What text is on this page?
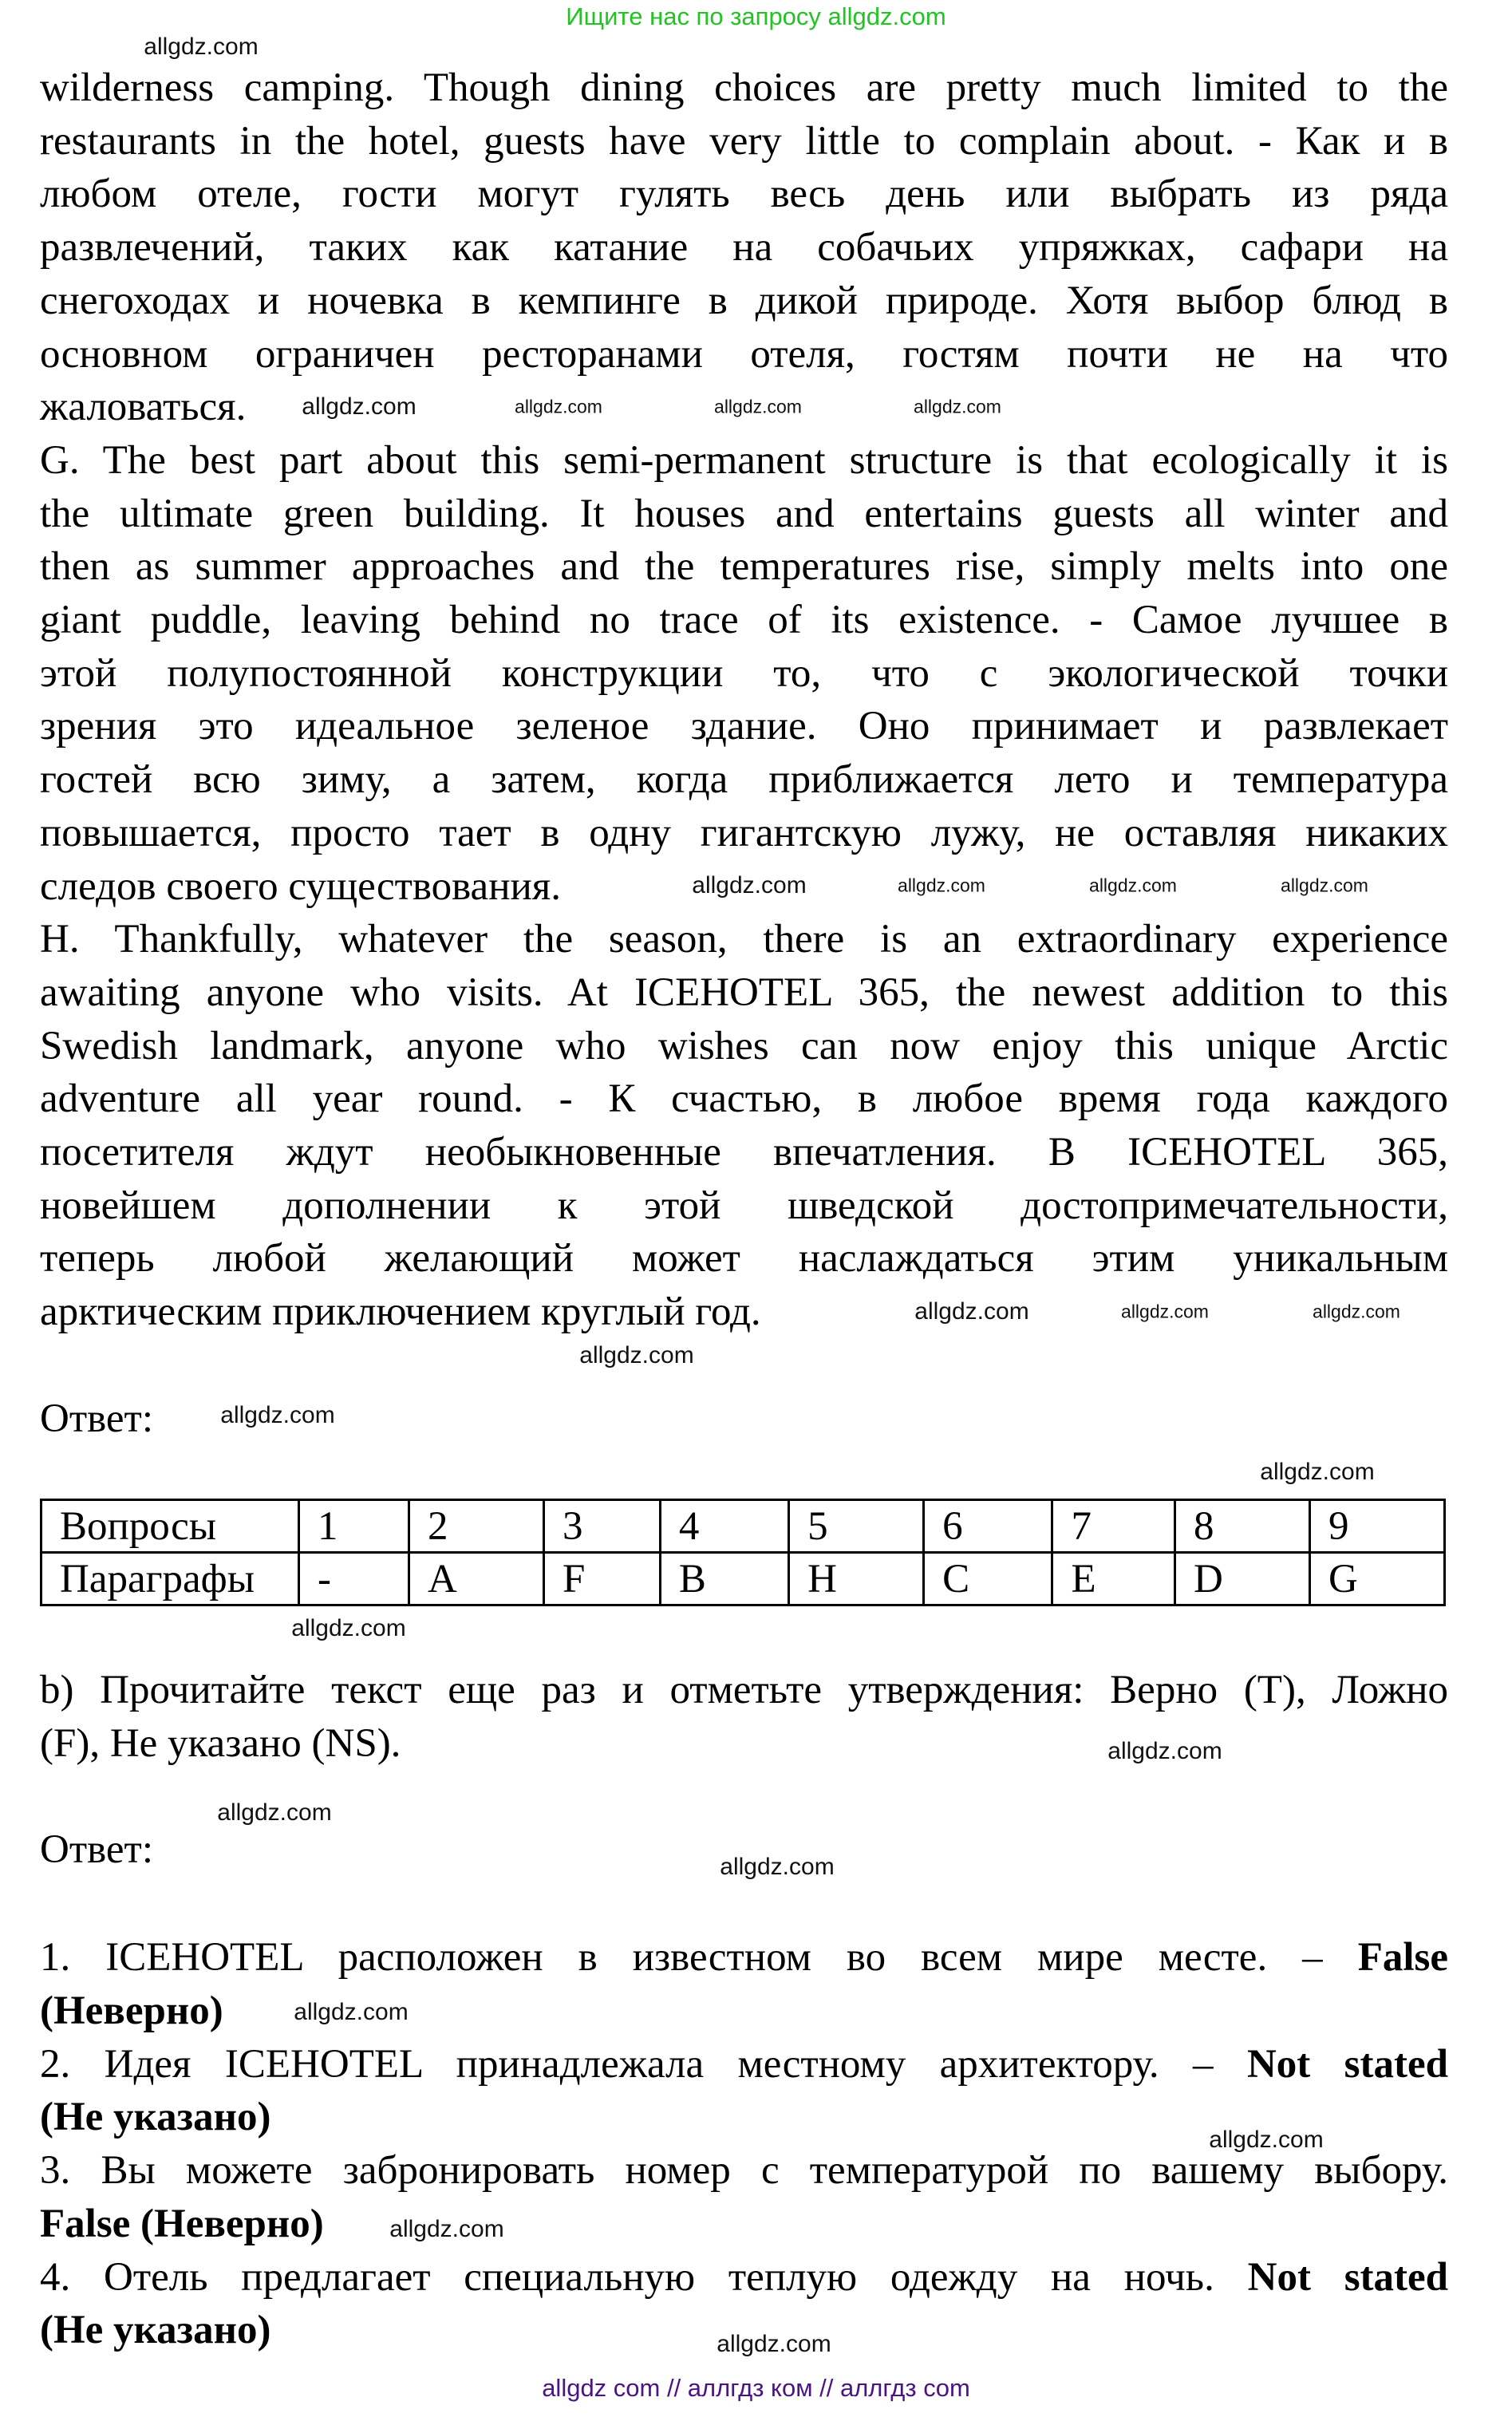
Ищите нас по запросу allgdz.com
wilderness camping. Though dining choices are pretty much limited to the
restaurants in the hotel, guests have very little to complain about. - Как и в
любом отеле, гости могут гулять весь день или выбрать из ряда
развлечений, таких как катание на собачьих упряжках, сафари на
снегоходах и ночевка в кемпинге в дикой природе. Хотя выбор блюд в
основном ограничен ресторанами отеля, гостям почти не на что
жаловаться.
G. The best part about this semi-permanent structure is that ecologically it is
the ultimate green building. It houses and entertains guests all winter and
then as summer approaches and the temperatures rise, simply melts into one
giant puddle, leaving behind no trace of its existence. - Самое лучшее в
этой полупостоянной конструкции то, что с экологической точки
зрения это идеальное зеленое здание. Оно принимает и развлекает
гостей всю зиму, а затем, когда приближается лето и температура
повышается, просто тает в одну гигантскую лужу, не оставляя никаких
следов своего существования.
H. Thankfully, whatever the season, there is an extraordinary experience
awaiting anyone who visits. At ICEHOTEL 365, the newest addition to this
Swedish landmark, anyone who wishes can now enjoy this unique Arctic
adventure all year round. - К счастью, в любое время года каждого
посетителя ждут необыкновенные впечатления. В ICEHOTEL 365,
новейшем дополнении к этой шведской достопримечательности,
теперь любой желающий может наслаждаться этим уникальным
арктическим приключением круглый год.
Ответ:
Вопросы	1	2	3	4	5	6	7	8	9
Параграфы	-	A	F	B	H	C	E	D	G
b) Прочитайте текст еще раз и отметьте утверждения: Верно (T), Ложно
(F), Не указано (NS).
Ответ:
1. ICEHOTEL расположен в известном во всем мире месте. – False
(Неверно)
2. Идея ICEHOTEL принадлежала местному архитектору. – Not stated
(Не указано)
3. Вы можете забронировать номер с температурой по вашему выбору.
False (Неверно)
4. Отель предлагает специальную теплую одежду на ночь. Not stated
(Не указано)
allgdz.com
allgdz.com	allgdz.com	allgdz.com	allgdz.com
allgdz.com	allgdz.com	allgdz.com	allgdz.com
allgdz.com	allgdz.com	allgdz.com
allgdz.com
allgdz.com
allgdz.com
allgdz.com
allgdz.com
allgdz.com
allgdz.com
allgdz.com
allgdz.com
allgdz.com
allgdz.com
allgdz com // аллгдз ком // аллгдз com
